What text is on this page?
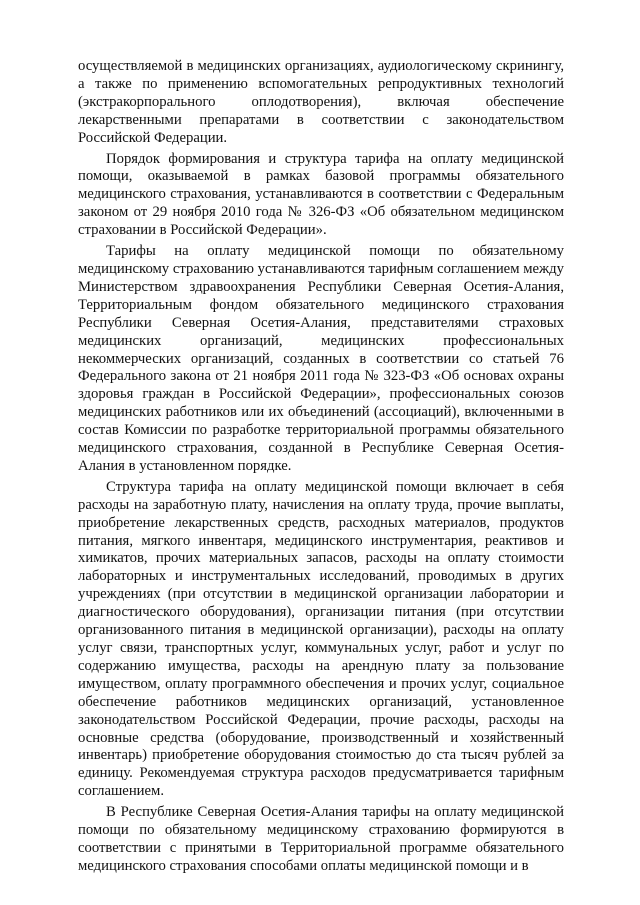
осуществляемой в медицинских организациях, аудиологическому скринингу, а также по применению вспомогательных репродуктивных технологий (экстракорпорального оплодотворения), включая обеспечение лекарственными препаратами в соответствии с законодательством Российской Федерации.

Порядок формирования и структура тарифа на оплату медицинской помощи, оказываемой в рамках базовой программы обязательного медицинского страхования, устанавливаются в соответствии с Федеральным законом от 29 ноября 2010 года № 326-ФЗ «Об обязательном медицинском страховании в Российской Федерации».

Тарифы на оплату медицинской помощи по обязательному медицинскому страхованию устанавливаются тарифным соглашением между Министерством здравоохранения Республики Северная Осетия-Алания, Территориальным фондом обязательного медицинского страхования Республики Северная Осетия-Алания, представителями страховых медицинских организаций, медицинских профессиональных некоммерческих организаций, созданных в соответствии со статьей 76 Федерального закона от 21 ноября 2011 года № 323-ФЗ «Об основах охраны здоровья граждан в Российской Федерации», профессиональных союзов медицинских работников или их объединений (ассоциаций), включенными в состав Комиссии по разработке территориальной программы обязательного медицинского страхования, созданной в Республике Северная Осетия-Алания в установленном порядке.

Структура тарифа на оплату медицинской помощи включает в себя расходы на заработную плату, начисления на оплату труда, прочие выплаты, приобретение лекарственных средств, расходных материалов, продуктов питания, мягкого инвентаря, медицинского инструментария, реактивов и химикатов, прочих материальных запасов, расходы на оплату стоимости лабораторных и инструментальных исследований, проводимых в других учреждениях (при отсутствии в медицинской организации лаборатории и диагностического оборудования), организации питания (при отсутствии организованного питания в медицинской организации), расходы на оплату услуг связи, транспортных услуг, коммунальных услуг, работ и услуг по содержанию имущества, расходы на арендную плату за пользование имуществом, оплату программного обеспечения и прочих услуг, социальное обеспечение работников медицинских организаций, установленное законодательством Российской Федерации, прочие расходы, расходы на основные средства (оборудование, производственный и хозяйственный инвентарь) приобретение оборудования стоимостью до ста тысяч рублей за единицу. Рекомендуемая структура расходов предусматривается тарифным соглашением.

В Республике Северная Осетия-Алания тарифы на оплату медицинской помощи по обязательному медицинскому страхованию формируются в соответствии с принятыми в Территориальной программе обязательного медицинского страхования способами оплаты медицинской помощи и в
